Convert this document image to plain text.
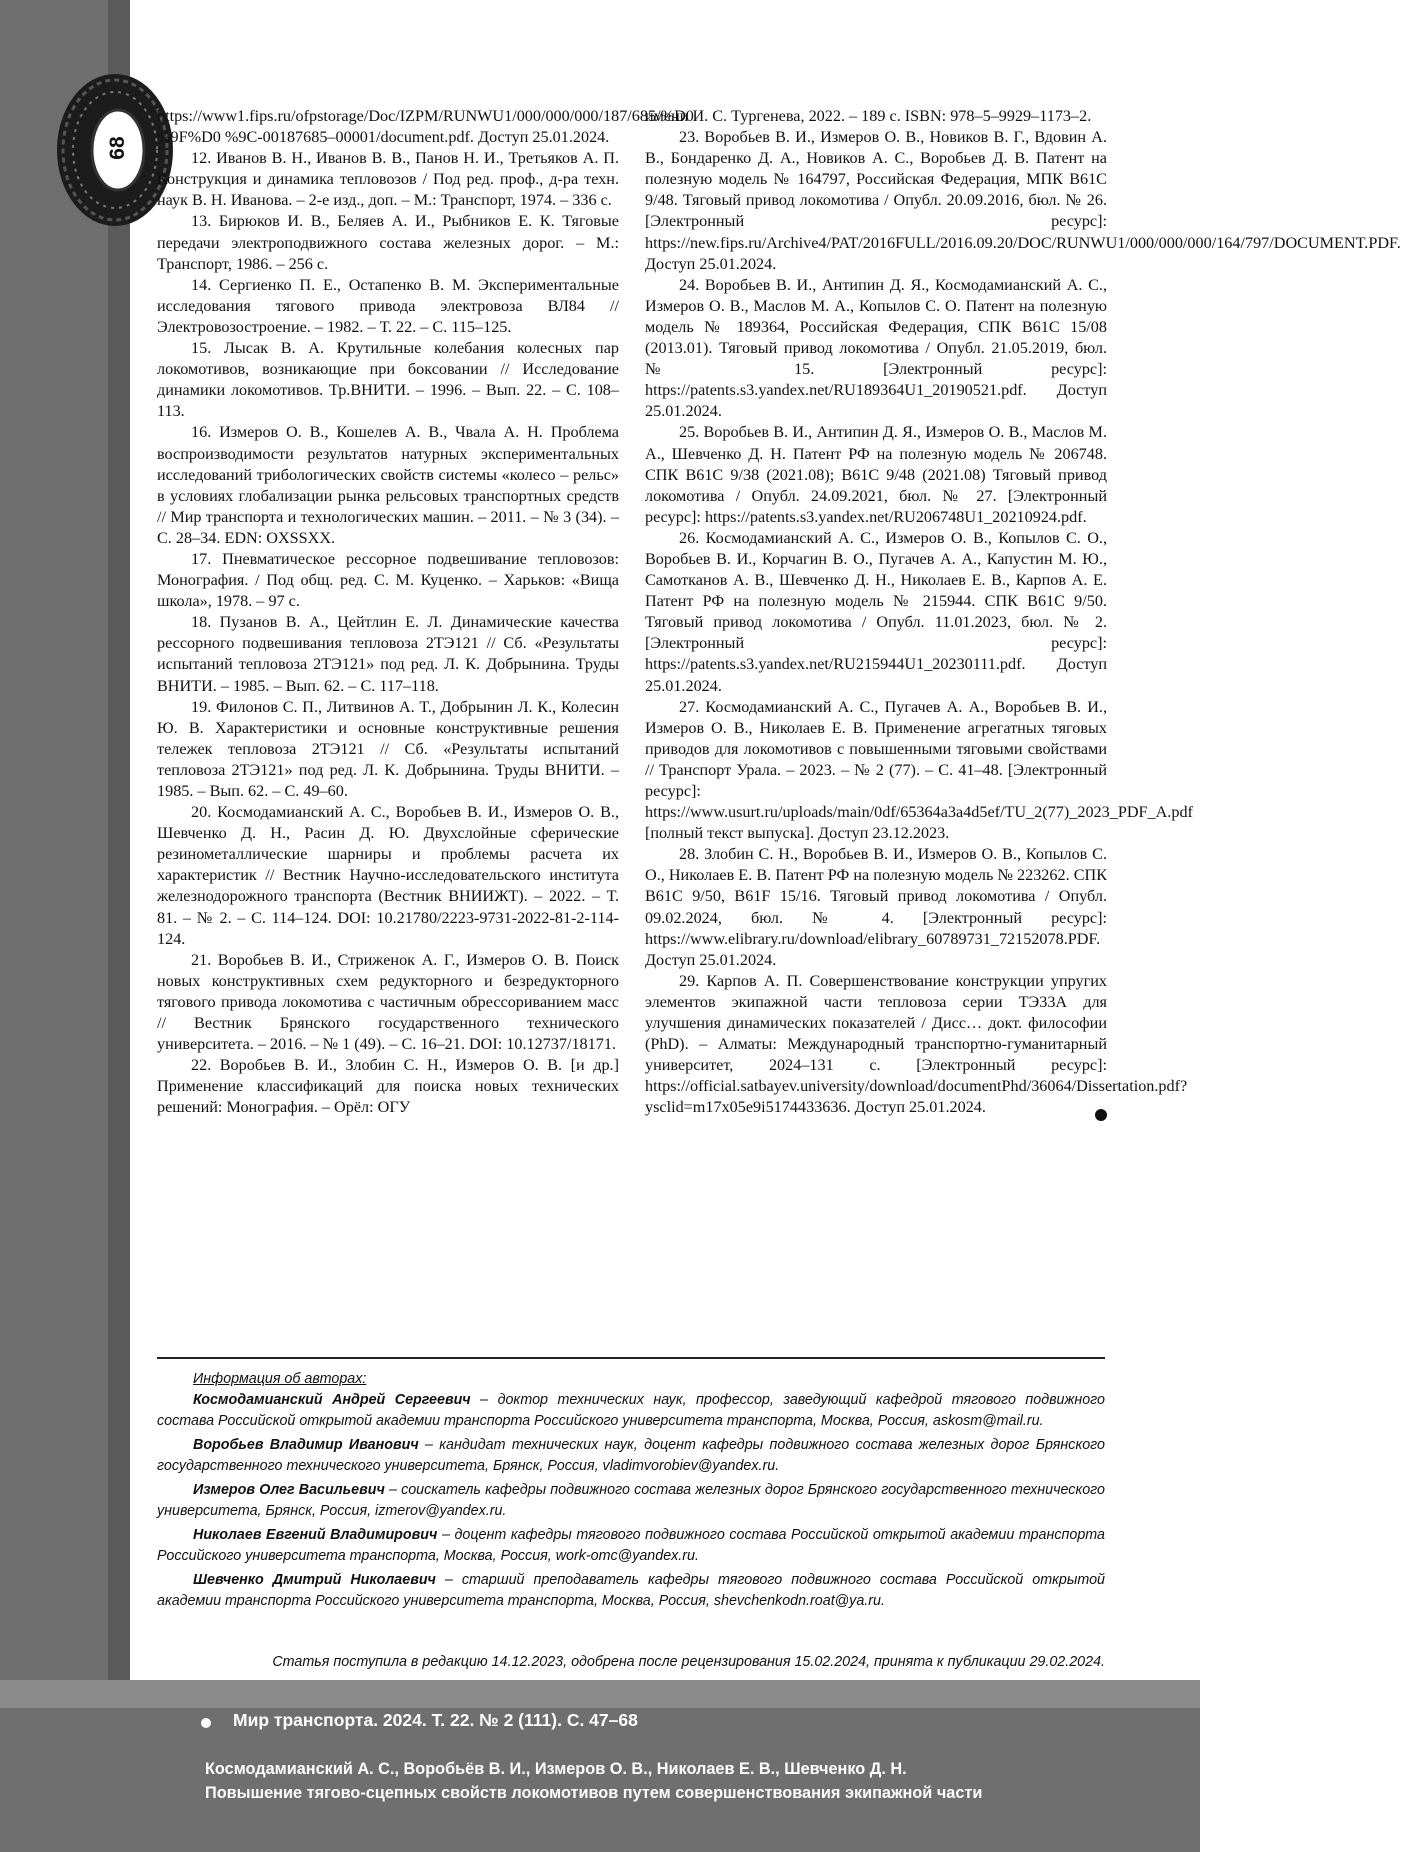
68

https://www1.fips.ru/ofpstorage/Doc/IZPM/RUNWU1/000/000/000/187/685/%D0 %9F%D0 %9C-00187685–00001/document.pdf. Доступ 25.01.2024.

12. Иванов В. Н., Иванов В. В., Панов Н. И., Третьяков А. П. Конструкция и динамика тепловозов / Под ред. проф., д-ра техн. наук В. Н. Иванова. – 2-е изд., доп. – М.: Транспорт, 1974. – 336 с.

13. Бирюков И. В., Беляев А. И., Рыбников Е. К. Тяговые передачи электроподвижного состава железных дорог. – М.: Транспорт, 1986. – 256 с.

14. Сергиенко П. Е., Остапенко В. М. Экспериментальные исследования тягового привода электровоза ВЛ84 // Электровозостроение. – 1982. – Т. 22. – С. 115–125.

15. Лысак В. А. Крутильные колебания колесных пар локомотивов, возникающие при боксовании // Исследование динамики локомотивов. Тр.ВНИТИ. – 1996. – Вып. 22. – С. 108–113.

16. Измеров О. В., Кошелев А. В., Чвала А. Н. Проблема воспроизводимости результатов натурных экспериментальных исследований трибологических свойств системы «колесо – рельс» в условиях глобализации рынка рельсовых транспортных средств // Мир транспорта и технологических машин. – 2011. – № 3 (34). – С. 28–34. EDN: OXSSXX.

17. Пневматическое рессорное подвешивание тепловозов: Монография. / Под общ. ред. С. М. Куценко. – Харьков: «Вища школа», 1978. – 97 с.

18. Пузанов В. А., Цейтлин Е. Л. Динамические качества рессорного подвешивания тепловоза 2ТЭ121 // Сб. «Результаты испытаний тепловоза 2ТЭ121» под ред. Л. К. Добрынина. Труды ВНИТИ. – 1985. – Вып. 62. – С. 117–118.

19. Филонов С. П., Литвинов А. Т., Добрынин Л. К., Колесин Ю. В. Характеристики и основные конструктивные решения тележек тепловоза 2ТЭ121 // Сб. «Результаты испытаний тепловоза 2ТЭ121» под ред. Л. К. Добрынина. Труды ВНИТИ. – 1985. – Вып. 62. – С. 49–60.

20. Космодамианский А. С., Воробьев В. И., Измеров О. В., Шевченко Д. Н., Расин Д. Ю. Двухслойные сферические резинометаллические шарниры и проблемы расчета их характеристик // Вестник Научно-исследовательского института железнодорожного транспорта (Вестник ВНИИЖТ). – 2022. – Т. 81. – № 2. – С. 114–124. DOI: 10.21780/2223-9731-2022-81-2-114-124.

21. Воробьев В. И., Стриженок А. Г., Измеров О. В. Поиск новых конструктивных схем редукторного и безредукторного тягового привода локомотива с частичным обрессориванием масс // Вестник Брянского государственного технического университета. – 2016. – № 1 (49). – С. 16–21. DOI: 10.12737/18171.

22. Воробьев В. И., Злобин С. Н., Измеров О. В. [и др.] Применение классификаций для поиска новых технических решений: Монография. – Орёл: ОГУ

имени И. С. Тургенева, 2022. – 189 с. ISBN: 978–5–9929–1173–2.

23. Воробьев В. И., Измеров О. В., Новиков В. Г., Вдовин А. В., Бондаренко Д. А., Новиков А. С., Воробьев Д. В. Патент на полезную модель № 164797, Российская Федерация, МПК B61C 9/48. Тяговый привод локомотива / Опубл. 20.09.2016, бюл. № 26. [Электронный ресурс]: https://new.fips.ru/Archive4/PAT/2016FULL/2016.09.20/DOC/RUNWU1/000/000/000/164/797/DOCUMENT.PDF. Доступ 25.01.2024.

24. Воробьев В. И., Антипин Д. Я., Космодамианский А. С., Измеров О. В., Маслов М. А., Копылов С. О. Патент на полезную модель № 189364, Российская Федерация, СПК B61C 15/08 (2013.01). Тяговый привод локомотива / Опубл. 21.05.2019, бюл. № 15. [Электронный ресурс]: https://patents.s3.yandex.net/RU189364U1_20190521.pdf. Доступ 25.01.2024.

25. Воробьев В. И., Антипин Д. Я., Измеров О. В., Маслов М. А., Шевченко Д. Н. Патент РФ на полезную модель № 206748. СПК B61C 9/38 (2021.08); B61C 9/48 (2021.08) Тяговый привод локомотива / Опубл. 24.09.2021, бюл. № 27. [Электронный ресурс]: https://patents.s3.yandex.net/RU206748U1_20210924.pdf.

26. Космодамианский А. С., Измеров О. В., Копылов С. О., Воробьев В. И., Корчагин В. О., Пугачев А. А., Капустин М. Ю., Самотканов А. В., Шевченко Д. Н., Николаев Е. В., Карпов А. Е. Патент РФ на полезную модель № 215944. СПК B61C 9/50. Тяговый привод локомотива / Опубл. 11.01.2023, бюл. № 2. [Электронный ресурс]: https://patents.s3.yandex.net/RU215944U1_20230111.pdf. Доступ 25.01.2024.

27. Космодамианский А. С., Пугачев А. А., Воробьев В. И., Измеров О. В., Николаев Е. В. Применение агрегатных тяговых приводов для локомотивов с повышенными тяговыми свойствами // Транспорт Урала. – 2023. – № 2 (77). – С. 41–48. [Электронный ресурс]: https://www.usurt.ru/uploads/main/0df/65364a3a4d5ef/TU_2(77)_2023_PDF_A.pdf [полный текст выпуска]. Доступ 23.12.2023.

28. Злобин С. Н., Воробьев В. И., Измеров О. В., Копылов С. О., Николаев Е. В. Патент РФ на полезную модель № 223262. СПК B61C 9/50, B61F 15/16. Тяговый привод локомотива / Опубл. 09.02.2024, бюл. № 4. [Электронный ресурс]: https://www.elibrary.ru/download/elibrary_60789731_72152078.PDF. Доступ 25.01.2024.

29. Карпов А. П. Совершенствование конструкции упругих элементов экипажной части тепловоза серии ТЭ33А для улучшения динамических показателей / Дисс… докт. философии (PhD). – Алматы: Международный транспортно-гуманитарный университет, 2024–131 с. [Электронный ресурс]: https://official.satbayev.university/download/documentPhd/36064/Dissertation.pdf?ysclid=m17x05e9i5174433636. Доступ 25.01.2024.

Информация об авторах:

Космодамианский Андрей Сергеевич – доктор технических наук, профессор, заведующий кафедрой тягового подвижного состава Российской открытой академии транспорта Российского университета транспорта, Москва, Россия, askosm@mail.ru.

Воробьев Владимир Иванович – кандидат технических наук, доцент кафедры подвижного состава железных дорог Брянского государственного технического университета, Брянск, Россия, vladimvorobiev@yandex.ru.

Измеров Олег Васильевич – соискатель кафедры подвижного состава железных дорог Брянского государственного технического университета, Брянск, Россия, izmerov@yandex.ru.

Николаев Евгений Владимирович – доцент кафедры тягового подвижного состава Российской открытой академии транспорта Российского университета транспорта, Москва, Россия, work-omc@yandex.ru.

Шевченко Дмитрий Николаевич – старший преподаватель кафедры тягового подвижного состава Российской открытой академии транспорта Российского университета транспорта, Москва, Россия, shevchenkodn.roat@ya.ru.

Статья поступила в редакцию 14.12.2023, одобрена после рецензирования 15.02.2024, принята к публикации 29.02.2024.
Мир транспорта. 2024. Т. 22. № 2 (111). С. 47–68
Космодамианский А. С., Воробьёв В. И., Измеров О. В., Николаев Е. В., Шевченко Д. Н.
Повышение тягово-сцепных свойств локомотивов путем совершенствования экипажной части
